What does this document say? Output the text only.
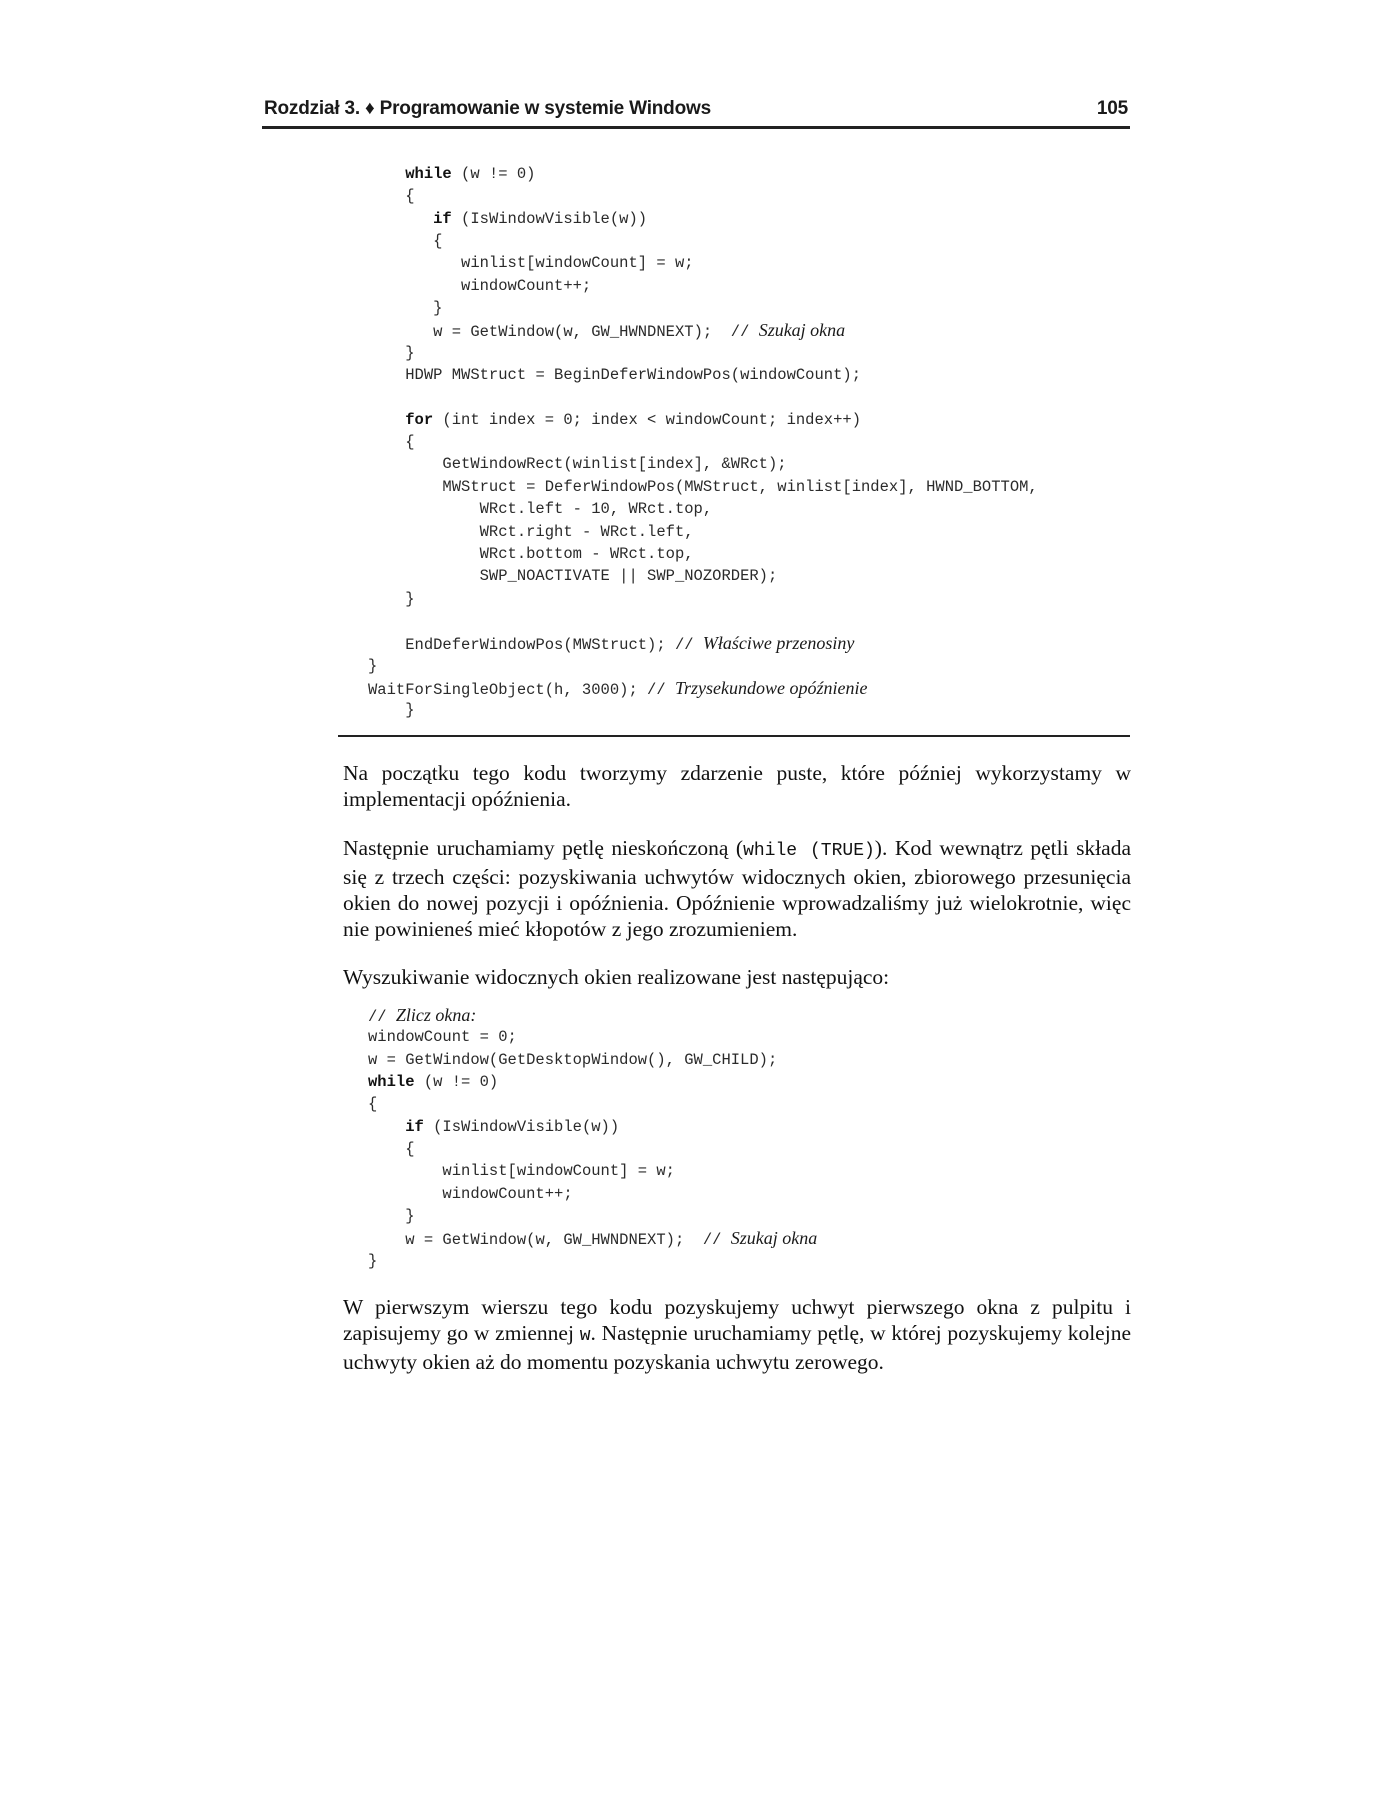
Rozdział 3. ♦ Programowanie w systemie Windows	105
while (w != 0)
{
if (IsWindowVisible(w))
{
winlist[windowCount] = w;
windowCount++;
}
w = GetWindow(w, GW_HWNDNEXT);  // Szukaj okna
}
HDWP MWStruct = BeginDeferWindowPos(windowCount);
for (int index = 0; index < windowCount; index++)
{
GetWindowRect(winlist[index], &WRct);
MWStruct = DeferWindowPos(MWStruct, winlist[index], HWND_BOTTOM,
WRct.left - 10, WRct.top,
WRct.right - WRct.left,
WRct.bottom - WRct.top,
SWP_NOACTIVATE || SWP_NOZORDER);
}
EndDeferWindowPos(MWStruct); // Właściwe przenosiny
}
WaitForSingleObject(h, 3000); // Trzysekundowe opóźnienie
}

Na początku tego kodu tworzymy zdarzenie puste, które później wykorzystamy w implementacji opóźnienia.

Następnie uruchamiamy pętlę nieskończoną (while (TRUE)). Kod wewnątrz pętli składa się z trzech części: pozyskiwania uchwytów widocznych okien, zbiorowego przesunięcia okien do nowej pozycji i opóźnienia. Opóźnienie wprowadzaliśmy już wielokrotnie, więc nie powinieneś mieć kłopotów z jego zrozumieniem.

Wyszukiwanie widocznych okien realizowane jest następująco:

// Zlicz okna:
windowCount = 0;
w = GetWindow(GetDesktopWindow(), GW_CHILD);
while (w != 0)
{
if (IsWindowVisible(w))
{
winlist[windowCount] = w;
windowCount++;
}
w = GetWindow(w, GW_HWNDNEXT);  // Szukaj okna
}

W pierwszym wierszu tego kodu pozyskujemy uchwyt pierwszego okna z pulpitu i zapisujemy go w zmiennej w. Następnie uruchamiamy pętlę, w której pozyskujemy kolejne uchwyty okien aż do momentu pozyskania uchwytu zerowego.
